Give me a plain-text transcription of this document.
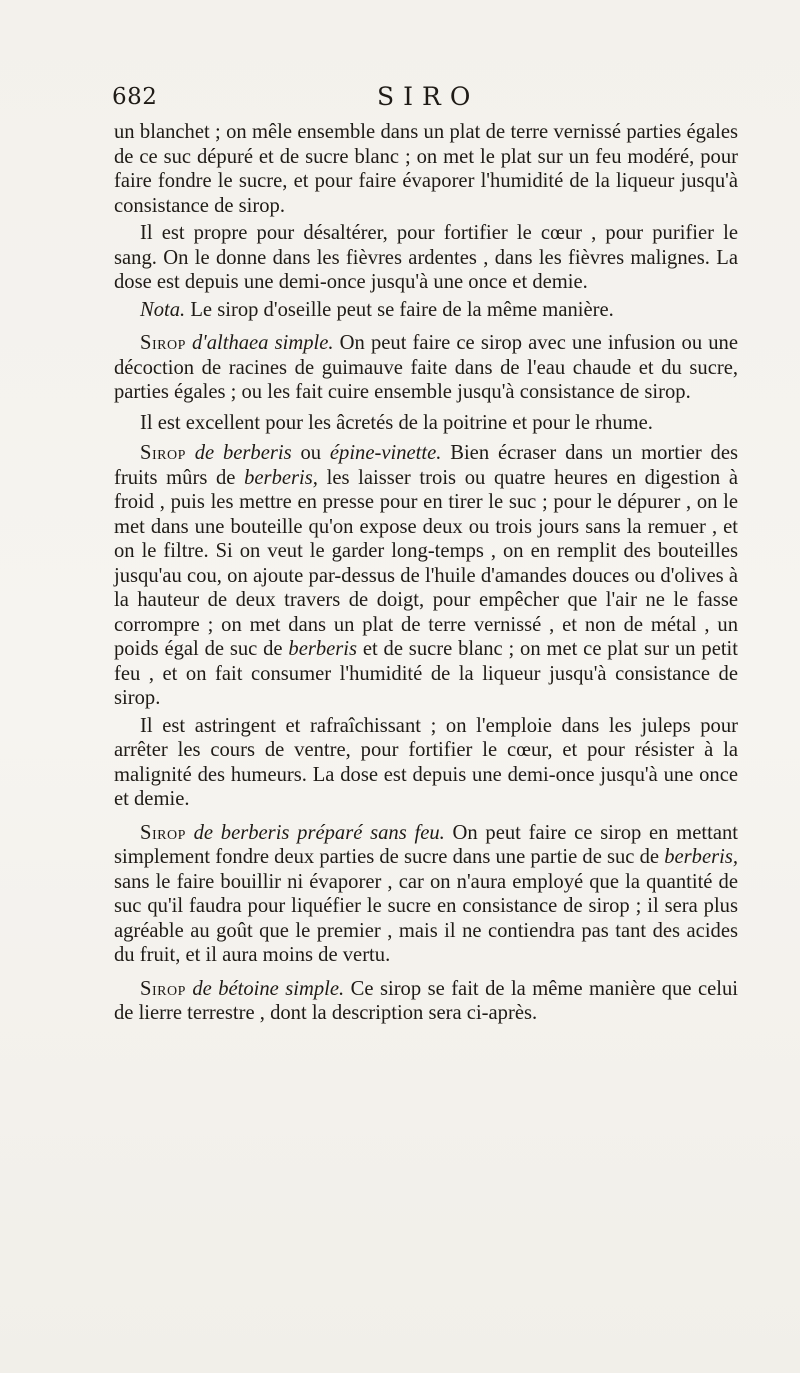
682	SIRO

un blanchet ; on mêle ensemble dans un plat de terre vernissé parties égales de ce suc dépuré et de sucre blanc ; on met le plat sur un feu modéré, pour faire fondre le sucre, et pour faire évaporer l'humidité de la liqueur jusqu'à consistance de sirop.

Il est propre pour désaltérer, pour fortifier le cœur , pour purifier le sang. On le donne dans les fièvres ardentes , dans les fièvres malignes. La dose est depuis une demi-once jusqu'à une once et demie.

Nota. Le sirop d'oseille peut se faire de la même manière.

Sirop d'althaea simple. On peut faire ce sirop avec une infusion ou une décoction de racines de guimauve faite dans de l'eau chaude et du sucre, parties égales ; ou les fait cuire ensemble jusqu'à consistance de sirop.

Il est excellent pour les âcretés de la poitrine et pour le rhume.

Sirop de berberis ou épine-vinette. Bien écraser dans un mortier des fruits mûrs de berberis, les laisser trois ou quatre heures en digestion à froid , puis les mettre en presse pour en tirer le suc ; pour le dépurer , on le met dans une bouteille qu'on expose deux ou trois jours sans la remuer , et on le filtre. Si on veut le garder long-temps , on en remplit des bouteilles jusqu'au cou, on ajoute par-dessus de l'huile d'amandes douces ou d'olives à la hauteur de deux travers de doigt, pour empêcher que l'air ne le fasse corrompre ; on met dans un plat de terre vernissé , et non de métal , un poids égal de suc de berberis et de sucre blanc ; on met ce plat sur un petit feu , et on fait consumer l'humidité de la liqueur jusqu'à consistance de sirop.

Il est astringent et rafraîchissant ; on l'emploie dans les juleps pour arrêter les cours de ventre, pour fortifier le cœur, et pour résister à la malignité des humeurs. La dose est depuis une demi-once jusqu'à une once et demie.

Sirop de berberis préparé sans feu. On peut faire ce sirop en mettant simplement fondre deux parties de sucre dans une partie de suc de berberis, sans le faire bouillir ni évaporer , car on n'aura employé que la quantité de suc qu'il faudra pour liquéfier le sucre en consistance de sirop ; il sera plus agréable au goût que le premier , mais il ne contiendra pas tant des acides du fruit, et il aura moins de vertu.

Sirop de bétoine simple. Ce sirop se fait de la même manière que celui de lierre terrestre , dont la description sera ci-après.
